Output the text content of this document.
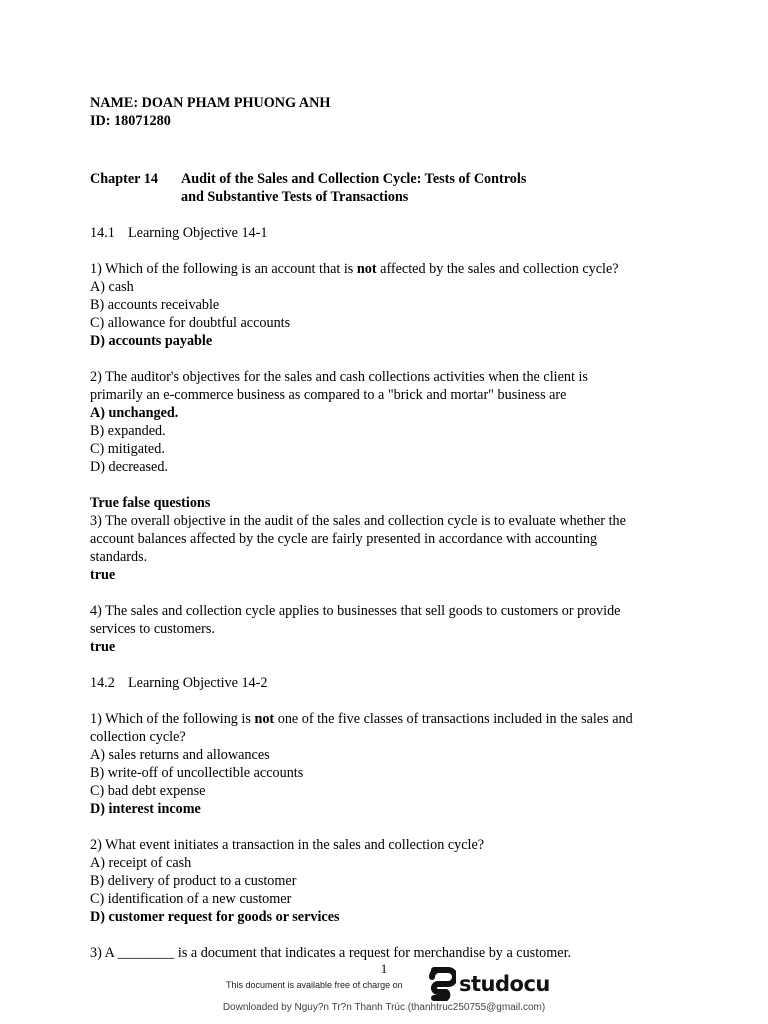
NAME: DOAN PHAM PHUONG ANH
ID: 18071280
Chapter 14 Audit of the Sales and Collection Cycle: Tests of Controls
and Substantive Tests of Transactions
14.1 Learning Objective 14-1
1) Which of the following is an account that is not affected by the sales and collection cycle?
A) cash
B) accounts receivable
C) allowance for doubtful accounts
D) accounts payable
2) The auditor's objectives for the sales and cash collections activities when the client is
primarily an e-commerce business as compared to a "brick and mortar" business are
A) unchanged.
B) expanded.
C) mitigated.
D) decreased.
True false questions
3) The overall objective in the audit of the sales and collection cycle is to evaluate whether the
account balances affected by the cycle are fairly presented in accordance with accounting
standards.
true
4) The sales and collection cycle applies to businesses that sell goods to customers or provide
services to customers.
true
14.2 Learning Objective 14-2
1) Which of the following is not one of the five classes of transactions included in the sales and
collection cycle?
A) sales returns and allowances
B) write-off of uncollectible accounts
C) bad debt expense
D) interest income
2) What event initiates a transaction in the sales and collection cycle?
A) receipt of cash
B) delivery of product to a customer
C) identification of a new customer
D) customer request for goods or services
3) A ________ is a document that indicates a request for merchandise by a customer.
1
This document is available free of charge on	studocu
Downloaded by Nguy?n Tr?n Thanh Trúc (thanhtruc250755@gmail.com)
